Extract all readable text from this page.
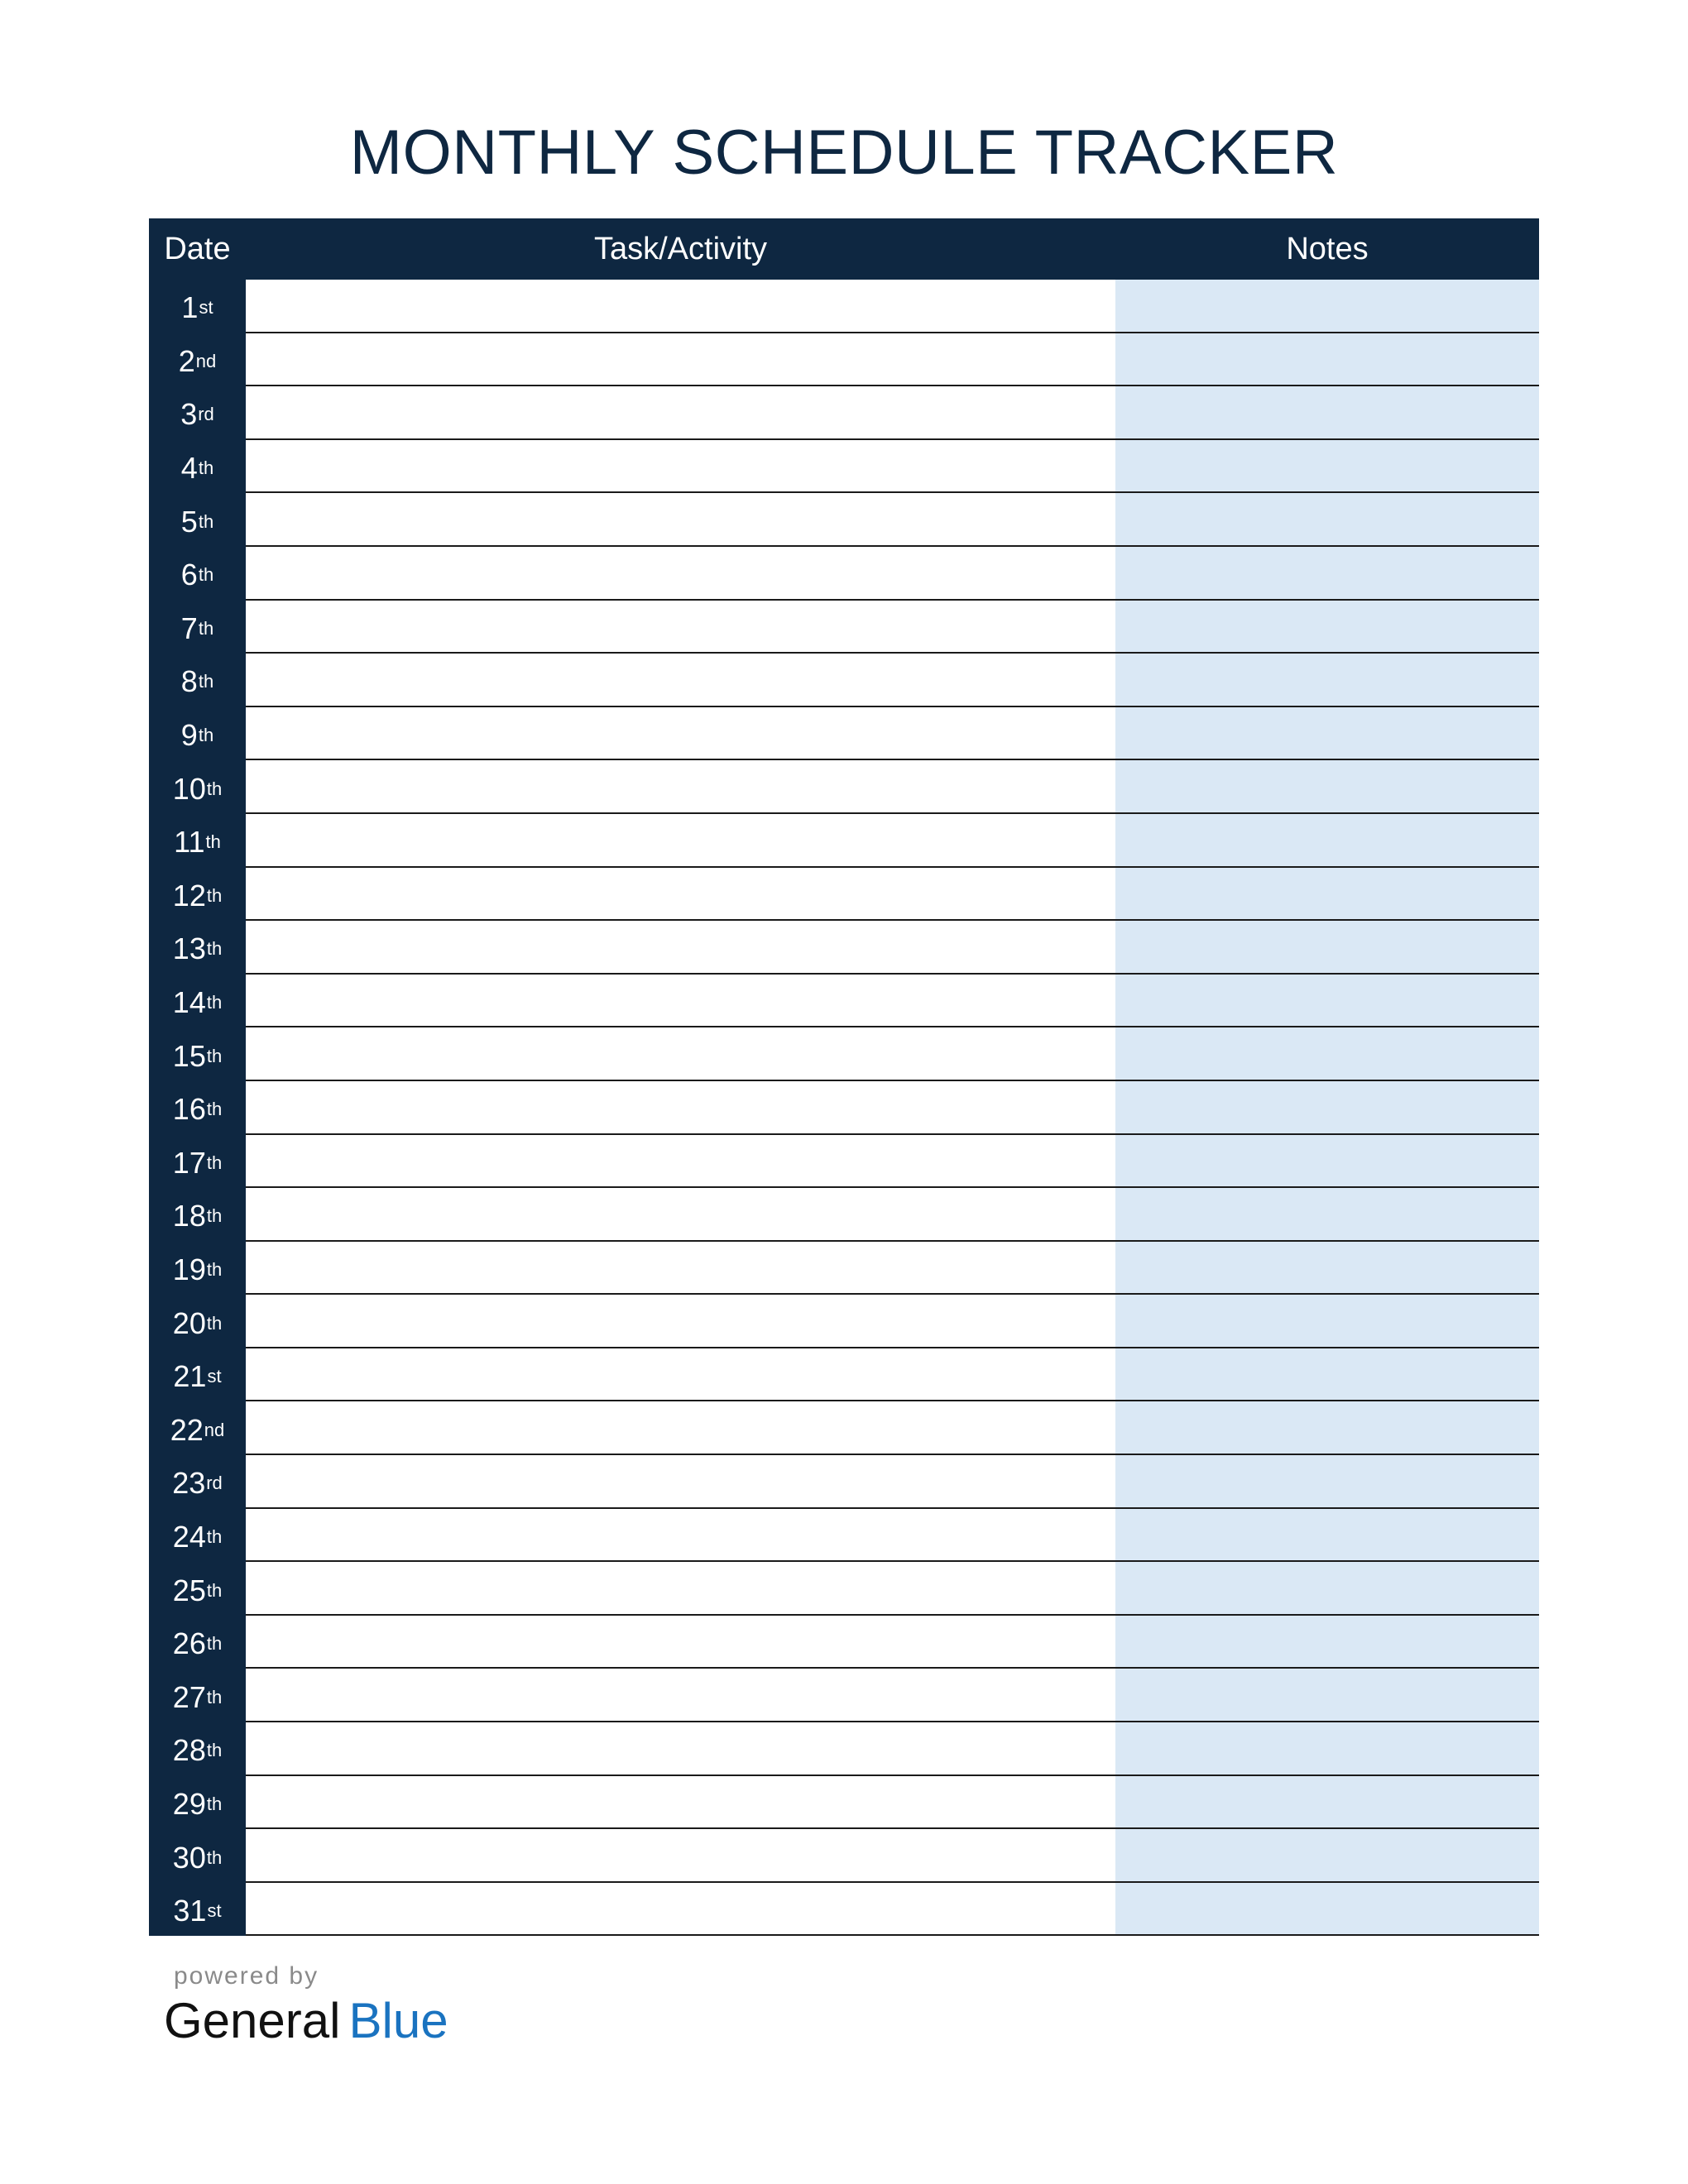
MONTHLY SCHEDULE TRACKER
Date	Task/Activity	Notes
1 st
2 nd
3 rd
4 th
5 th
6 th
7 th
8 th
9 th
10 th
11 th
12 th
13 th
14 th
15 th
16 th
17 th
18 th
19 th
20 th
21 st
22 nd
23 rd
24 th
25 th
26 th
27 th
28 th
29 th
30 th
31 st
powered by
General Blue
